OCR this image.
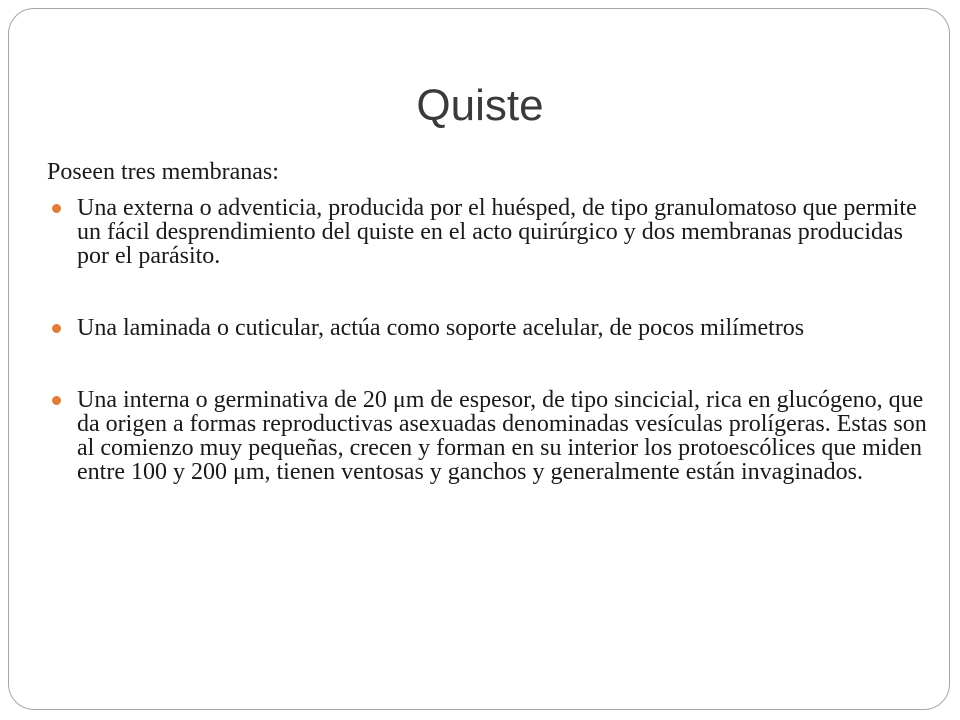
Quiste

Poseen tres membranas:

Una externa o adventicia, producida por el huésped, de tipo granulomatoso que permite un fácil desprendimiento del quiste en el acto quirúrgico y dos membranas producidas por el parásito.
Una laminada o cuticular, actúa como soporte acelular, de pocos milímetros
Una interna o germinativa de 20 μm de espesor, de tipo sincicial, rica en glucógeno, que da origen a formas reproductivas asexuadas denominadas vesículas prolígeras. Estas son al comienzo muy pequeñas, crecen y forman en su interior los protoescólices que miden entre 100 y 200 μm, tienen ventosas y ganchos y generalmente están invaginados.
